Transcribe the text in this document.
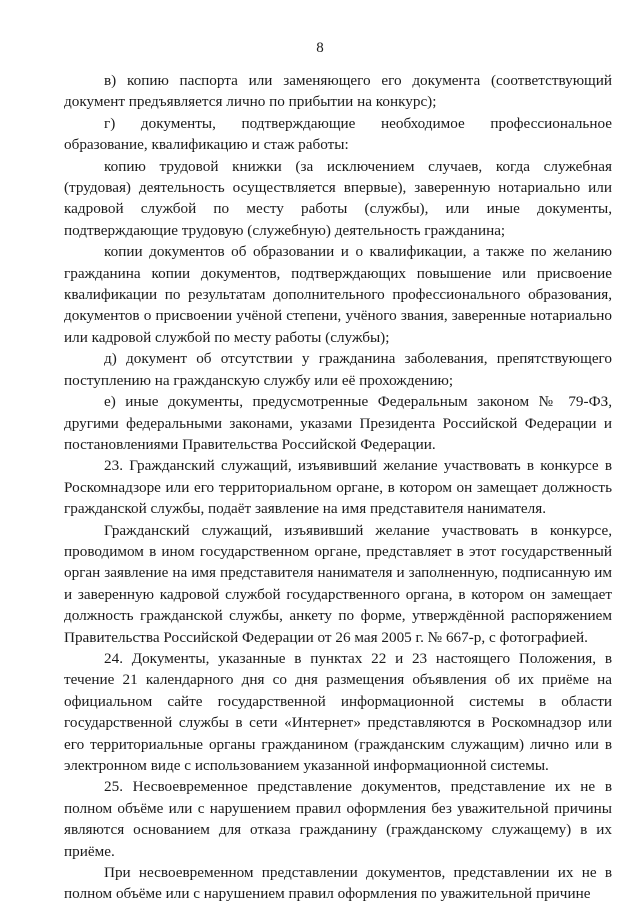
8

в) копию паспорта или заменяющего его документа (соответствующий документ предъявляется лично по прибытии на конкурс);

г) документы, подтверждающие необходимое профессиональное образование, квалификацию и стаж работы:

копию трудовой книжки (за исключением случаев, когда служебная (трудовая) деятельность осуществляется впервые), заверенную нотариально или кадровой службой по месту работы (службы), или иные документы, подтверждающие трудовую (служебную) деятельность гражданина;

копии документов об образовании и о квалификации, а также по желанию гражданина копии документов, подтверждающих повышение или присвоение квалификации по результатам дополнительного профессионального образования, документов о присвоении учёной степени, учёного звания, заверенные нотариально или кадровой службой по месту работы (службы);

д) документ об отсутствии у гражданина заболевания, препятствующего поступлению на гражданскую службу или её прохождению;

е) иные документы, предусмотренные Федеральным законом № 79-ФЗ, другими федеральными законами, указами Президента Российской Федерации и постановлениями Правительства Российской Федерации.

23. Гражданский служащий, изъявивший желание участвовать в конкурсе в Роскомнадзоре или его территориальном органе, в котором он замещает должность гражданской службы, подаёт заявление на имя представителя нанимателя.

Гражданский служащий, изъявивший желание участвовать в конкурсе, проводимом в ином государственном органе, представляет в этот государственный орган заявление на имя представителя нанимателя и заполненную, подписанную им и заверенную кадровой службой государственного органа, в котором он замещает должность гражданской службы, анкету по форме, утверждённой распоряжением Правительства Российской Федерации от 26 мая 2005 г. № 667-р, с фотографией.

24. Документы, указанные в пунктах 22 и 23 настоящего Положения, в течение 21 календарного дня со дня размещения объявления об их приёме на официальном сайте государственной информационной системы в области государственной службы в сети «Интернет» представляются в Роскомнадзор или его территориальные органы гражданином (гражданским служащим) лично или в электронном виде с использованием указанной информационной системы.

25. Несвоевременное представление документов, представление их не в полном объёме или с нарушением правил оформления без уважительной причины являются основанием для отказа гражданину (гражданскому служащему) в их приёме.

При несвоевременном представлении документов, представлении их не в полном объёме или с нарушением правил оформления по уважительной причине
